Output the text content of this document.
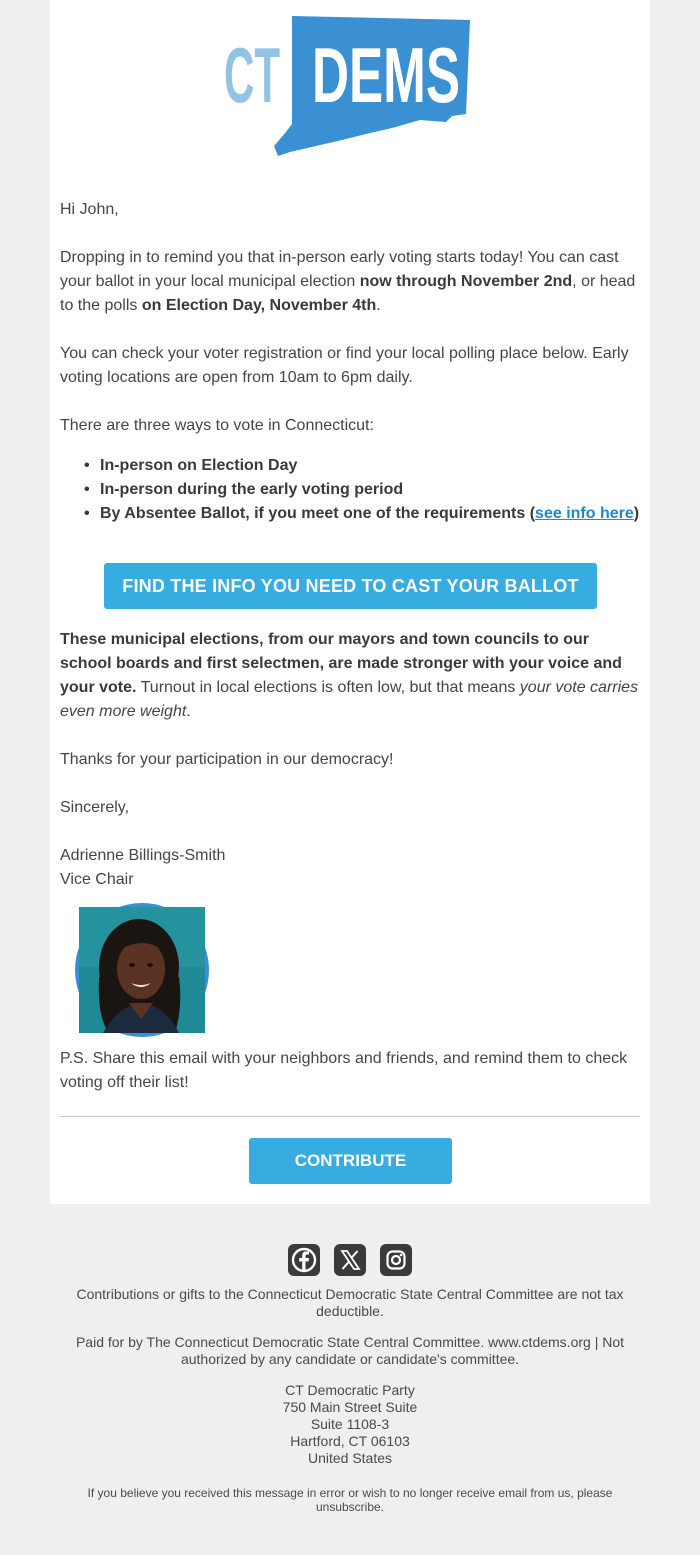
CT DEMS
Hi John,
Dropping in to remind you that in-person early voting starts today! You can cast your ballot in your local municipal election now through November 2nd, or head to the polls on Election Day, November 4th.
You can check your voter registration or find your local polling place below. Early voting locations are open from 10am to 6pm daily.
There are three ways to vote in Connecticut:
• In-person on Election Day
• In-person during the early voting period
• By Absentee Ballot, if you meet one of the requirements (see info here)
FIND THE INFO YOU NEED TO CAST YOUR BALLOT
These municipal elections, from our mayors and town councils to our school boards and first selectmen, are made stronger with your voice and your vote. Turnout in local elections is often low, but that means your vote carries even more weight.
Thanks for your participation in our democracy!
Sincerely,
Adrienne Billings-Smith
Vice Chair
P.S. Share this email with your neighbors and friends, and remind them to check voting off their list!
CONTRIBUTE
Contributions or gifts to the Connecticut Democratic State Central Committee are not tax deductible.
Paid for by The Connecticut Democratic State Central Committee. www.ctdems.org | Not authorized by any candidate or candidate's committee.
CT Democratic Party
750 Main Street Suite
Suite 1108-3
Hartford, CT 06103
United States
If you believe you received this message in error or wish to no longer receive email from us, please unsubscribe.
